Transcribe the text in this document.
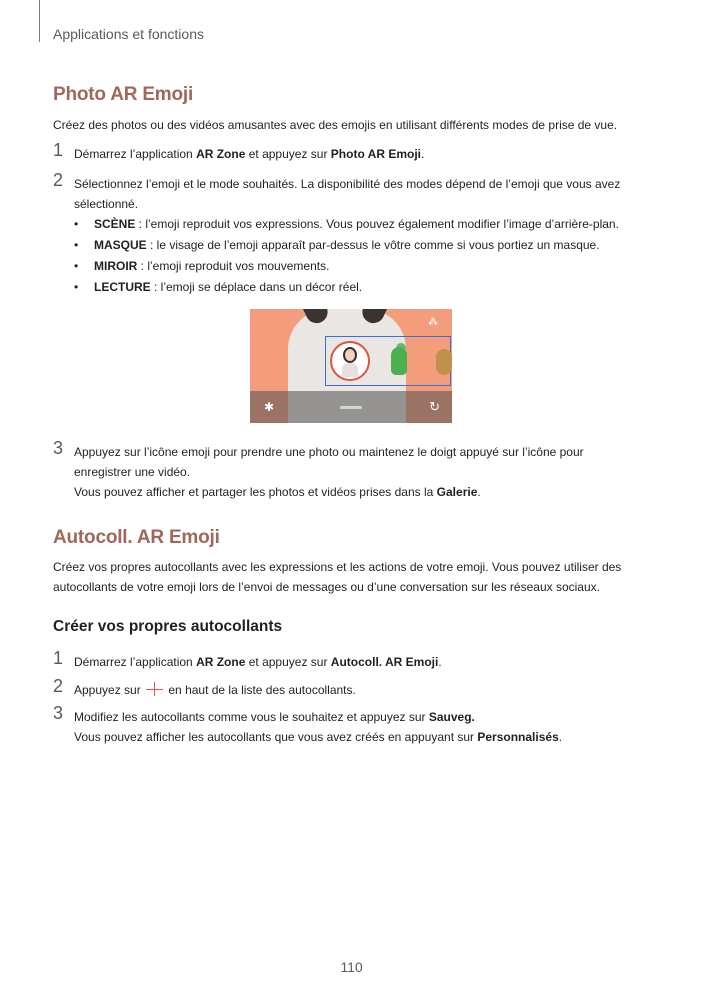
Applications et fonctions
Photo AR Emoji
Créez des photos ou des vidéos amusantes avec des emojis en utilisant différents modes de prise de vue.
1 Démarrez l’application AR Zone et appuyez sur Photo AR Emoji.
2 Sélectionnez l’emoji et le mode souhaités. La disponibilité des modes dépend de l’emoji que vous avez
sélectionné.
• SCÈNE : l’emoji reproduit vos expressions. Vous pouvez également modifier l’image d’arrière-plan.
• MASQUE : le visage de l’emoji apparaît par-dessus le vôtre comme si vous portiez un masque.
• MIROIR : l’emoji reproduit vos mouvements.
• LECTURE : l’emoji se déplace dans un décor réel.
⁂
✱	↻
3 Appuyez sur l’icône emoji pour prendre une photo ou maintenez le doigt appuyé sur l’icône pour
enregistrer une vidéo.
Vous pouvez afficher et partager les photos et vidéos prises dans la Galerie.
Autocoll. AR Emoji
Créez vos propres autocollants avec les expressions et les actions de votre emoji. Vous pouvez utiliser des
autocollants de votre emoji lors de l’envoi de messages ou d’une conversation sur les réseaux sociaux.
Créer vos propres autocollants
1 Démarrez l’application AR Zone et appuyez sur Autocoll. AR Emoji.
2 Appuyez sur  en haut de la liste des autocollants.
3 Modifiez les autocollants comme vous le souhaitez et appuyez sur Sauveg.
Vous pouvez afficher les autocollants que vous avez créés en appuyant sur Personnalisés.
110
